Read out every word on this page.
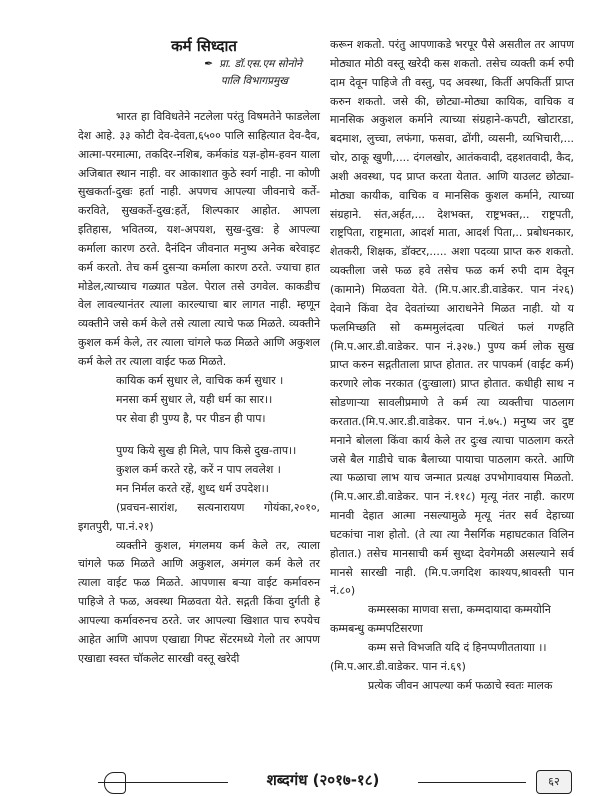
कर्म सिध्दात
✒ प्रा. डॉ.एस.एम सोनोने
पालि विभागप्रमुख

भारत हा विविधतेने नटलेला परंतु विषमतेने फाडलेला देश आहे. ३३ कोटी देव-देवता,६५०० पालि साहित्यात देव-दैव, आत्मा-परमात्मा, तकदिर-नशिब, कर्मकांड यज्ञ-होम-हवन याला अजिबात स्थान नाही. वर आकाशात कुठे स्वर्ग नाही. ना कोणी सुखकर्ता-दुखः हर्ता नाही. अपणच आपल्या जीवनाचे कर्ते- करविते, सुखकर्ते-दुख:हर्ते, शिल्पकार आहोत. आपला इतिहास, भवितव्य, यश-अपयश, सुख-दुख: हे आपल्या कर्माला कारण ठरते. दैनंदिन जीवनात मनुष्य अनेक बरेवाइट कर्म करतो. तेच कर्म दुसऱ्या कर्माला कारण ठरते. ज्याचा हात मोडेल,त्याच्याच गळ्यात पडेल. पेराल तसे उगवेल. काकडीच वेल लावल्यानंतर त्याला कारल्याचा बार लागत नाही. म्हणून व्यक्तीने जसे कर्म केले तसे त्याला त्याचे फळ मिळते. व्यक्तीने कुशल कर्म केले, तर त्याला चांगले फळ मिळते आणि अकुशल कर्म केले तर त्याला वाईट फळ मिळते.

कायिक कर्म सुधार ले, वाचिक कर्म सुधार ।
मनसा कर्म सुधार ले, यही धर्म का सार।।
पर सेवा ही पुण्य है, पर पीडन ही पाप।
पुण्य किये सुख ही मिले, पाप किसे दुख-ताप।।
कुशल कर्म करते रहे, करें न पाप लवलेश ।
मन निर्मल करते रहें, शुध्द धर्म उपदेश।।

(प्रवचन-सारांश, सत्यनारायण गोयंका,२०१०, इगतपुरी, पा.नं.२१)

व्यक्तीने कुशल, मंगलमय कर्म केले तर, त्याला चांगले फळ मिळते आणि अकुशल, अमंगल कर्म केले तर त्याला वाईट फळ मिळते. आपणास बऱ्या वाईट कर्मावरुन पाहिजे ते फळ, अवस्था मिळवता येते. सद्गती किंवा दुर्गती हे आपल्या कर्मावरुनच ठरते. जर आपल्या खिशात पाच रुपयेच आहेत आणि आपण एखाद्या गिफ्ट सेंटरमध्ये गेलो तर आपण एखाद्या स्वस्त चॉकलेट सारखी वस्तू खरेदी

करून शकतो. परंतु आपणाकडे भरपूर पैसे असतील तर आपण मोठ्यात मोठी वस्तू खरेदी कस शकतो. तसेच व्यक्ती कर्म रुपी दाम देवून पाहिजे ती वस्तु, पद अवस्था, किर्ती अपकिर्ती प्राप्त करुन शकतो. जसे की, छोट्या-मोठ्या कायिक, वाचिक व मानसिक अकुशल कर्माने त्याच्या संग्रहाने-कपटी, खोटारडा, बदमाश, लुच्चा, लफंगा, फसवा, ढोंगी, व्यसनी, व्यभिचारी,... चोर, ठाकू खुणी,.... दंगलखोर, आतंकवादी, दहशतवादी, कैद, अशी अवस्था, पद प्राप्त करता येतात. आणि याउलट छोट्या-मोठ्या कायीक, वाचिक व मानसिक कुशल कर्माने, त्याच्या संग्रहाने. संत,अर्हत,... देशभक्त, राष्ट्रभक्त,.. राष्ट्रपती, राष्ट्रपिता, राष्ट्रमाता, आदर्श माता, आदर्श पिता,.. प्रबोधनकार, शेतकरी, शिक्षक, डॉक्टर,..... अशा पदव्या प्राप्त करु शकतो. व्यक्तीला जसे फळ हवे तसेच फळ कर्म रुपी दाम देवून (कामाने) मिळवता येते. (मि.प.आर.डी.वाडेकर. पान नं२६) देवाने किंवा देव देवतांच्या आराधनेने मिळत नाही. यो य फलमिच्छति सो कम्ममुलंदत्वा पत्थितं फलं गण्हति (मि.प.आर.डी.वाडेकर. पान नं.३२७.) पुण्य कर्म लोक सुख प्राप्त करुन सद्गतीताला प्राप्त होतात. तर पापकर्म (वाईट कर्म) करणारे लोक नरकात (दुःखाला) प्राप्त होतात. कधीही साथ न सोडणाऱ्या सावलीप्रमाणे ते कर्म त्या व्यक्तीचा पाठलाग करतात.(मि.प.आर.डी.वाडेकर. पान नं.७५.) मनुष्य जर दुष्ट मनाने बोलला किंवा कार्य केले तर दुःख त्याचा पाठलाग करते जसे बैल गाडीचे चाक बैलाच्या पायाचा पाठलाग करते. आणि त्या फळाचा लाभ याच जन्मात प्रत्यक्ष उपभोगावयास मिळतो.(मि.प.आर.डी.वाडेकर. पान नं.११८) मृत्यू नंतर नाही. कारण मानवी देहात आत्मा नसल्यामुळे मृत्यू नंतर सर्व देहाच्या घटकांचा नाश होतो. (ते त्या त्या नैसर्गिक महाघटकात विलिन होतात.) तसेच मानसाची कर्म सुध्दा देवगेमळी असल्याने सर्व मानसे सारखी नाही. (मि.प.जगदिश काश्यप,श्रावस्ती पान नं.८०)

कम्मस्सका माणवा सत्ता, कम्मदायादा कम्मयोनि
कम्मबन्धु कम्मपटिसरणा
कम्म सत्ते विभजति यदि दं हिनप्पणीततायाा ।।
(मि.प.आर.डी.वाडेकर. पान नं.६९)

प्रत्येक जीवन आपल्या कर्म फळाचे स्वतः मालक

शब्दगंध (२०१७-१८)	६२
